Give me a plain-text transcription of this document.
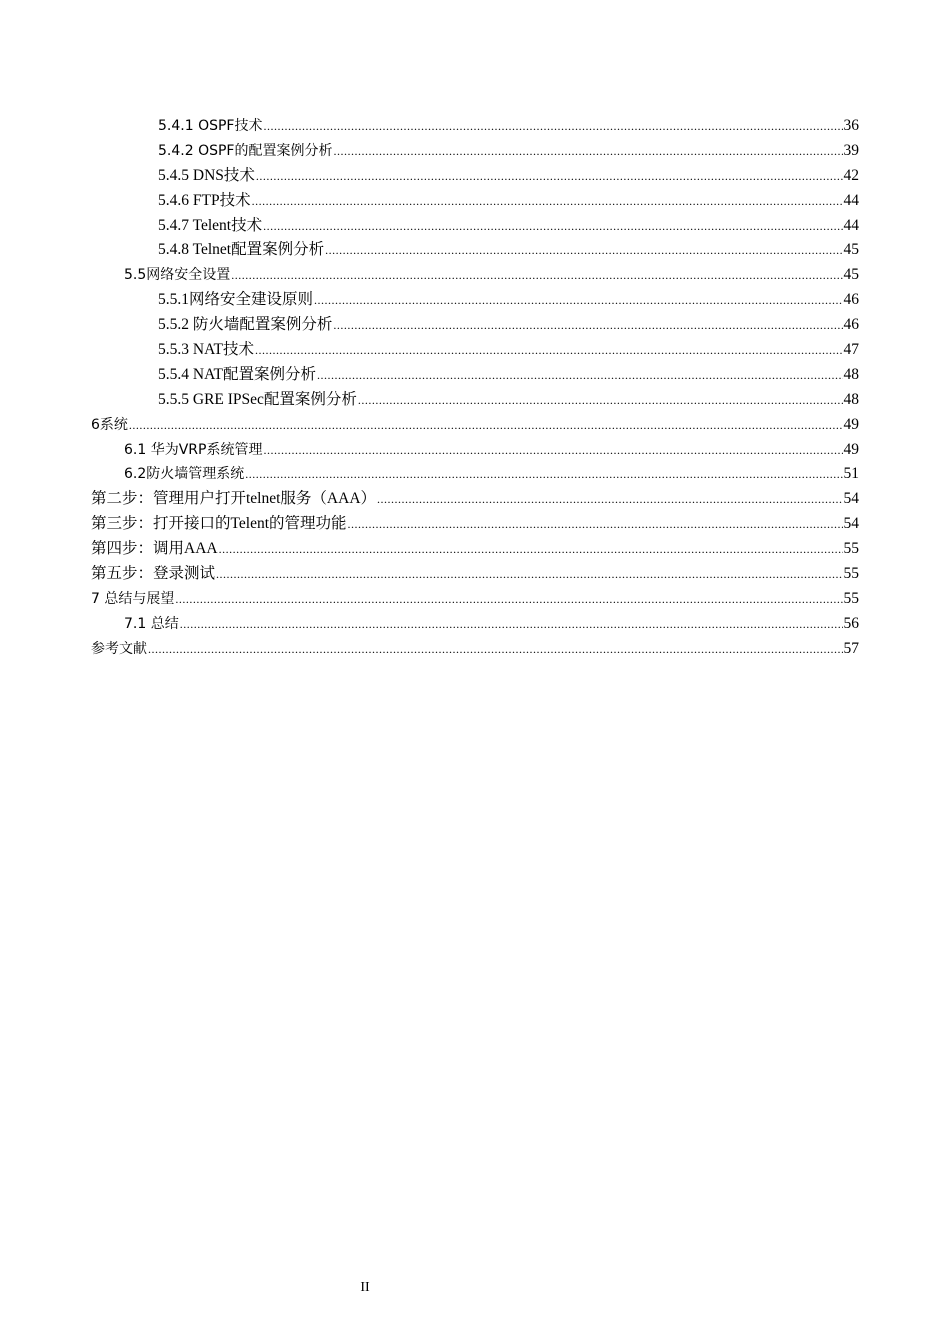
5.4.1 OSPF技术 .....	36
5.4.2 OSPF的配置案例分析 .....	39
5.4.5 DNS技术 .....	42
5.4.6 FTP技术 .....	44
5.4.7 Telent技术 .....	44
5.4.8 Telnet配置案例分析 .....	45
5.5网络安全设置 .....	45
5.5.1网络安全建设原则 .....	46
5.5.2 防火墙配置案例分析 .....	46
5.5.3 NAT技术 .....	47
5.5.4 NAT配置案例分析 .....	48
5.5.5 GRE IPSec配置案例分析 .....	48
6系统 .....	49
6.1 华为VRP系统管理 .....	49
6.2防火墙管理系统 .....	51
第二步：管理用户打开telnet服务（AAA） .....	54
第三步：打开接口的Telent的管理功能 .....	54
第四步：调用AAA .....	55
第五步：登录测试 .....	55
7 总结与展望 .....	55
7.1 总结 .....	56
参考文献 .....	57
II
